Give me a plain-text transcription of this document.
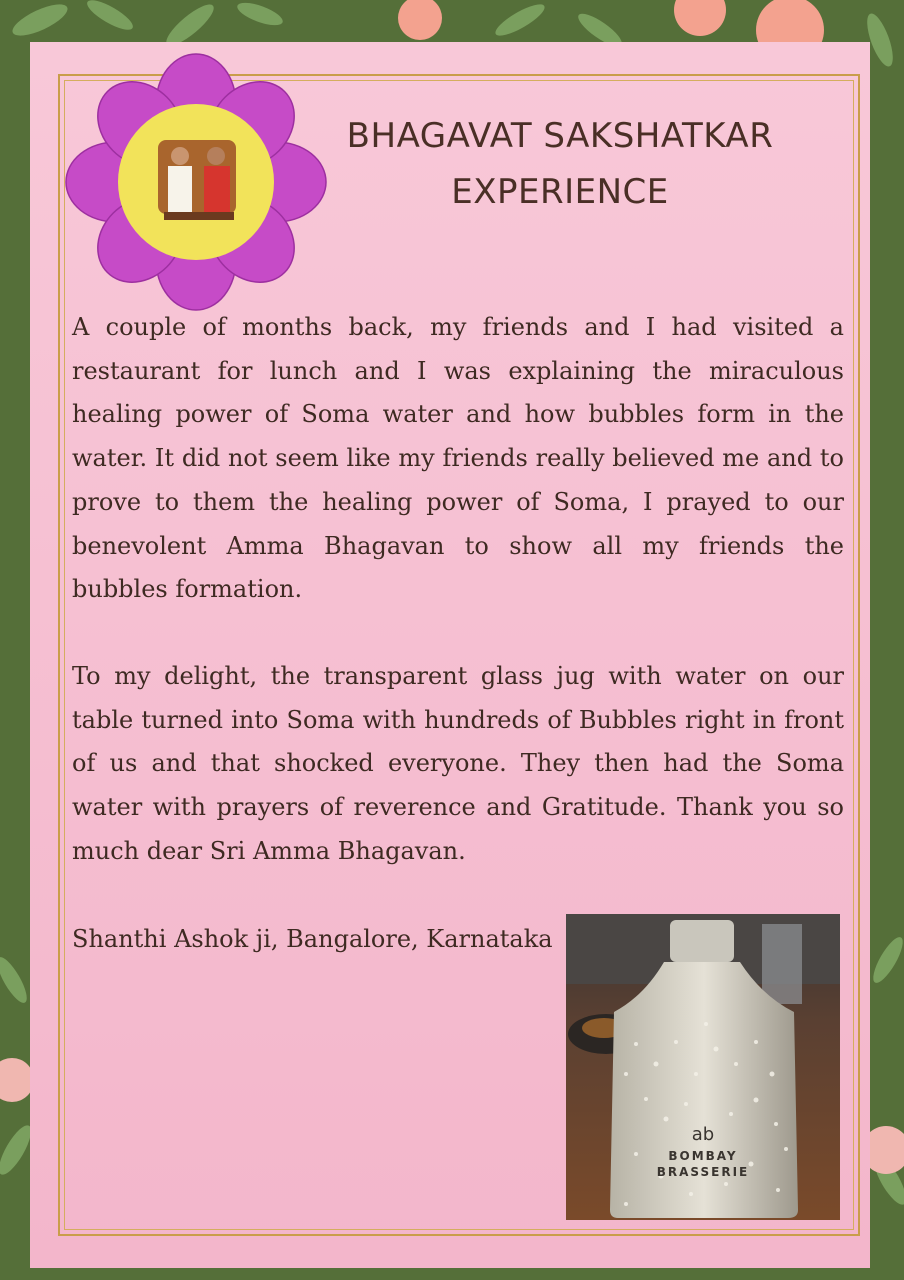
BHAGAVAT SAKSHATKAR
EXPERIENCE

A couple of months back, my friends and I had visited a restaurant for lunch and I was explaining the miraculous healing power of Soma water and how bubbles form in the water. It did not seem like my friends really believed me and to prove to them the healing power of Soma, I prayed to our benevolent Amma Bhagavan to show all my friends the bubbles formation.

To my delight, the transparent glass jug with water on our table turned into Soma with hundreds of Bubbles right in front of us and that shocked everyone. They then had the Soma water with prayers of reverence and Gratitude. Thank you so much dear Sri Amma Bhagavan.

Shanthi Ashok ji, Bangalore, Karnataka

ab
BOMBAY
BRASSERIE
